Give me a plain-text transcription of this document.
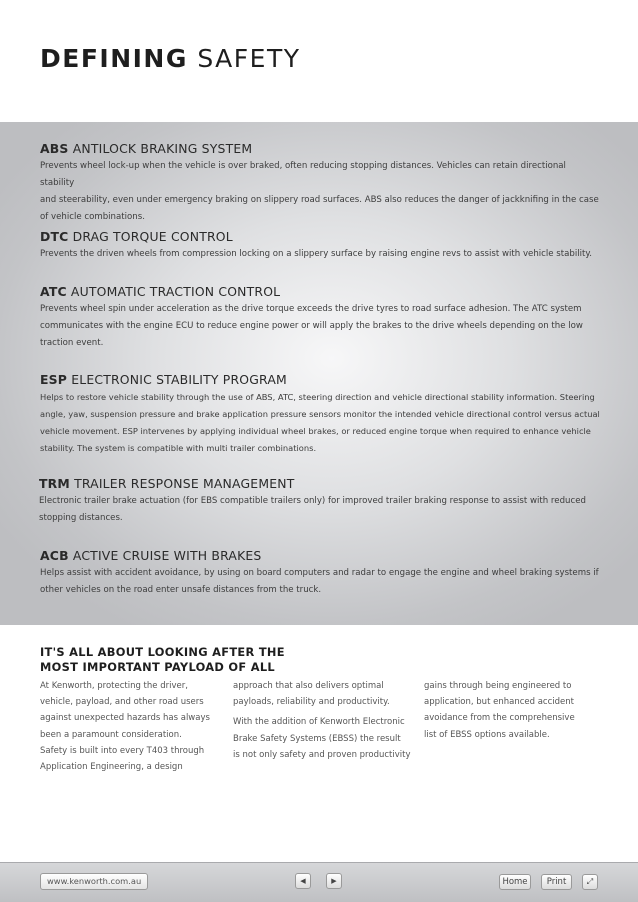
DEFINING SAFETY
ABS ANTILOCK BRAKING SYSTEM
Prevents wheel lock-up when the vehicle is over braked, often reducing stopping distances. Vehicles can retain directional stability
and steerability, even under emergency braking on slippery road surfaces. ABS also reduces the danger of jackknifing in the case
of vehicle combinations.
DTC DRAG TORQUE CONTROL
Prevents the driven wheels from compression locking on a slippery surface by raising engine revs to assist with vehicle stability.
ATC AUTOMATIC TRACTION CONTROL
Prevents wheel spin under acceleration as the drive torque exceeds the drive tyres to road surface adhesion. The ATC system
communicates with the engine ECU to reduce engine power or will apply the brakes to the drive wheels depending on the low
traction event.
ESP ELECTRONIC STABILITY PROGRAM
Helps to restore vehicle stability through the use of ABS, ATC, steering direction and vehicle directional stability information. Steering
angle, yaw, suspension pressure and brake application pressure sensors monitor the intended vehicle directional control versus actual
vehicle movement. ESP intervenes by applying individual wheel brakes, or reduced engine torque when required to enhance vehicle
stability. The system is compatible with multi trailer combinations.
TRM TRAILER RESPONSE MANAGEMENT
Electronic trailer brake actuation (for EBS compatible trailers only) for improved trailer braking response to assist with reduced
stopping distances.
ACB ACTIVE CRUISE WITH BRAKES
Helps assist with accident avoidance, by using on board computers and radar to engage the engine and wheel braking systems if
other vehicles on the road enter unsafe distances from the truck.
IT'S ALL ABOUT LOOKING AFTER THE
MOST IMPORTANT PAYLOAD OF ALL
At Kenworth, protecting the driver,
vehicle, payload, and other road users
against unexpected hazards has always
been a paramount consideration.
Safety is built into every T403 through
Application Engineering, a design

approach that also delivers optimal
payloads, reliability and productivity.

With the addition of Kenworth Electronic
Brake Safety Systems (EBSS) the result
is not only safety and proven productivity

gains through being engineered to
application, but enhanced accident
avoidance from the comprehensive
list of EBSS options available.
www.kenworth.com.au	◀	▶	Home	Print	⤢
